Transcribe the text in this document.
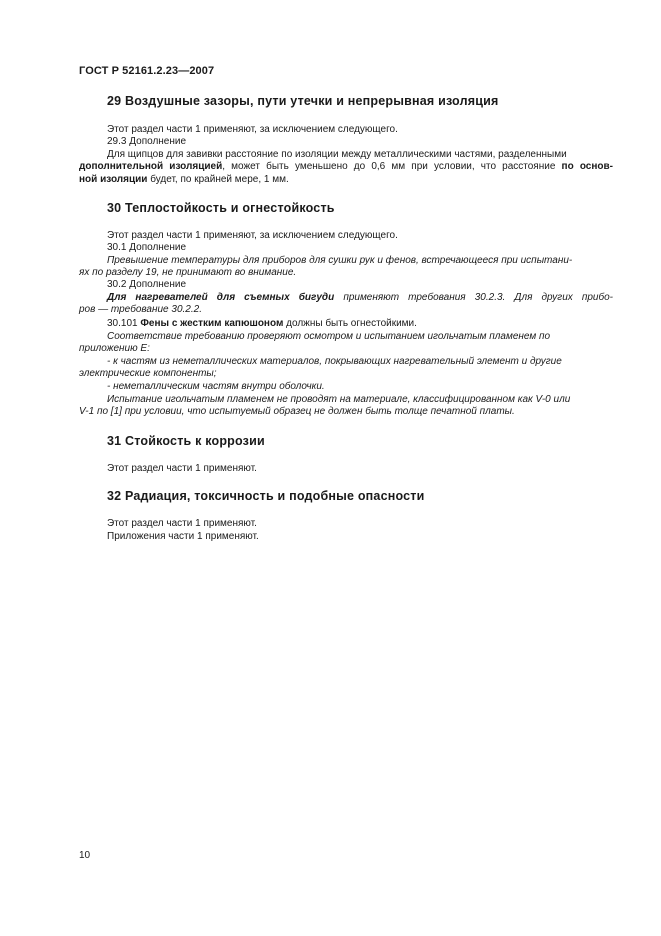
ГОСТ Р 52161.2.23—2007
29 Воздушные зазоры, пути утечки и непрерывная изоляция
Этот раздел части 1 применяют, за исключением следующего.
29.3 Дополнение
Для щипцов для завивки расстояние по изоляции между металлическими частями, разделенными
дополнительной изоляцией, может быть уменьшено до 0,6 мм при условии, что расстояние по основ-
ной изоляции будет, по крайней мере, 1 мм.
30 Теплостойкость и огнестойкость
Этот раздел части 1 применяют, за исключением следующего.
30.1 Дополнение
Превышение температуры для приборов для сушки рук и фенов, встречающееся при испытани-
ях по разделу 19, не принимают во внимание.
30.2 Дополнение
Для нагревателей для съемных бигуди применяют требования 30.2.3. Для других прибо-
ров — требование 30.2.2.
30.101 Фены с жестким капюшоном должны быть огнестойкими.
Соответствие требованию проверяют осмотром и испытанием игольчатым пламенем по
приложению Е:
- к частям из неметаллических материалов, покрывающих нагревательный элемент и другие
электрические компоненты;
- неметаллическим частям внутри оболочки.
Испытание игольчатым пламенем не проводят на материале, классифицированном как V-0 или
V-1 по [1] при условии, что испытуемый образец не должен быть толще печатной платы.
31 Стойкость к коррозии
Этот раздел части 1 применяют.
32 Радиация, токсичность и подобные опасности
Этот раздел части 1 применяют.
Приложения части 1 применяют.
10
